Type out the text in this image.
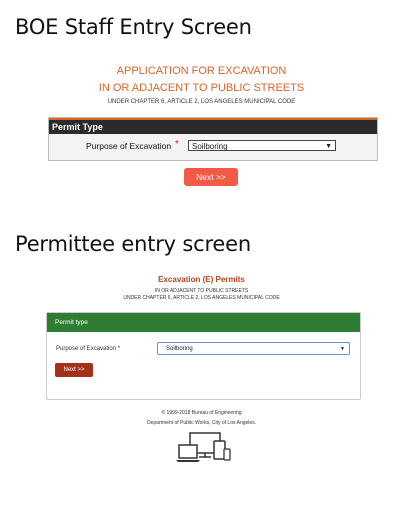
BOE Staff Entry Screen
APPLICATION FOR EXCAVATION
IN OR ADJACENT TO PUBLIC STREETS
UNDER CHAPTER 6, ARTICLE 2, LOS ANGELES MUNICIPAL CODE
Permit Type
Purpose of Excavation *	Soilboring	▼
Next >>
Permittee entry screen
Excavation (E) Permits
IN OR ADJACENT TO PUBLIC STREETS
UNDER CHAPTER 6, ARTICLE 2, LOS ANGELES MUNICIPAL CODE
Permit type
Purpose of Excavation *	Soilboring	▼
Next >>
© 1999-2018 Bureau of Engineering
Department of Public Works, City of Los Angeles.
